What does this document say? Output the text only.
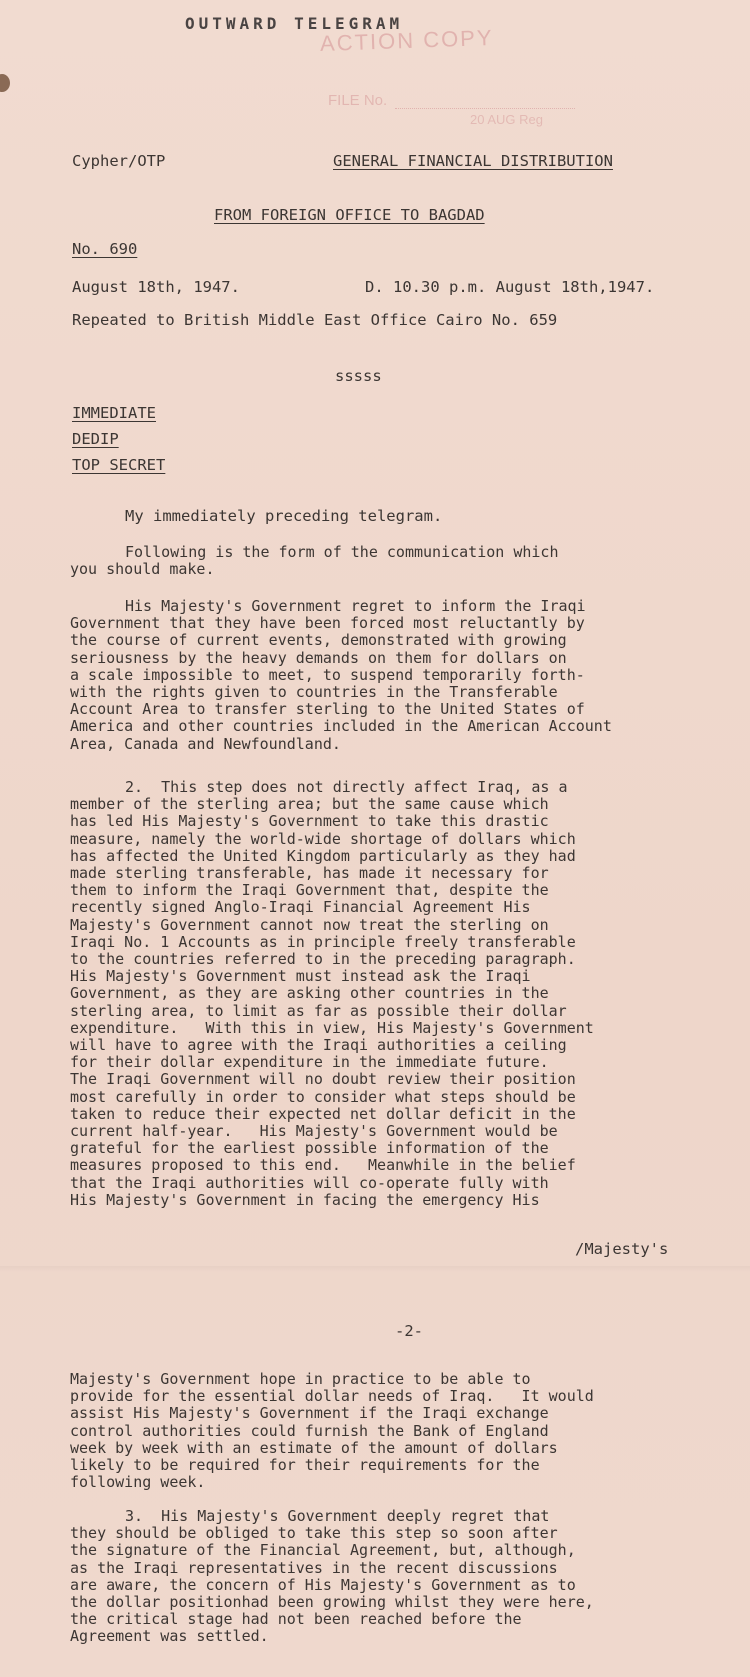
OUTWARD TELEGRAM
ACTION COPY
FILE No.
20 AUG Reg
Cypher/OTP	GENERAL FINANCIAL DISTRIBUTION
FROM FOREIGN OFFICE TO BAGDAD
No. 690
August 18th, 1947.	D. 10.30 p.m. August 18th,1947.
Repeated to British Middle East Office Cairo No. 659
sssss
IMMEDIATE
DEDIP
TOP SECRET
My immediately preceding telegram.

Following is the form of the communication which

you should make.

His Majesty's Government regret to inform the Iraqi

Government that they have been forced most reluctantly by

the course of current events, demonstrated with growing

seriousness by the heavy demands on them for dollars on

a scale impossible to meet, to suspend temporarily forth-

with the rights given to countries in the Transferable

Account Area to transfer sterling to the United States of

America and other countries included in the American Account

Area, Canada and Newfoundland.

2.  This step does not directly affect Iraq, as a

member of the sterling area; but the same cause which

has led His Majesty's Government to take this drastic

measure, namely the world-wide shortage of dollars which

has affected the United Kingdom particularly as they had

made sterling transferable, has made it necessary for

them to inform the Iraqi Government that, despite the

recently signed Anglo-Iraqi Financial Agreement His

Majesty's Government cannot now treat the sterling on

Iraqi No. 1 Accounts as in principle freely transferable

to the countries referred to in the preceding paragraph.

His Majesty's Government must instead ask the Iraqi

Government, as they are asking other countries in the

sterling area, to limit as far as possible their dollar

expenditure.   With this in view, His Majesty's Government

will have to agree with the Iraqi authorities a ceiling

for their dollar expenditure in the immediate future.

The Iraqi Government will no doubt review their position

most carefully in order to consider what steps should be

taken to reduce their expected net dollar deficit in the

current half-year.   His Majesty's Government would be

grateful for the earliest possible information of the

measures proposed to this end.   Meanwhile in the belief

that the Iraqi authorities will co-operate fully with

His Majesty's Government in facing the emergency His

/Majesty's
-2-

Majesty's Government hope in practice to be able to

provide for the essential dollar needs of Iraq.   It would

assist His Majesty's Government if the Iraqi exchange

control authorities could furnish the Bank of England

week by week with an estimate of the amount of dollars

likely to be required for their requirements for the

following week.

3.  His Majesty's Government deeply regret that

they should be obliged to take this step so soon after

the signature of the Financial Agreement, but, although,

as the Iraqi representatives in the recent discussions

are aware, the concern of His Majesty's Government as to

the dollar positionhad been growing whilst they were here,

the critical stage had not been reached before the

Agreement was settled.
